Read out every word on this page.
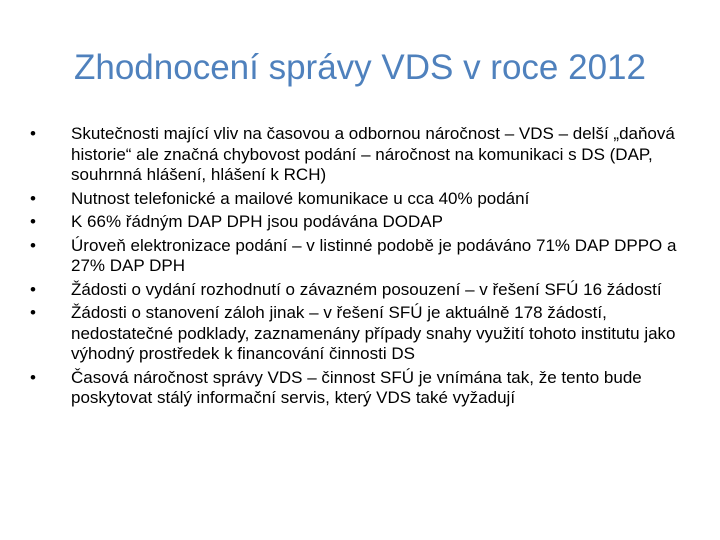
Zhodnocení správy VDS v roce 2012
•	Skutečnosti mající vliv na časovou a odbornou náročnost – VDS – delší „daňová historie“ ale značná chybovost podání – náročnost na komunikaci s DS (DAP, souhrnná hlášení, hlášení k RCH)
•	Nutnost telefonické a mailové komunikace u cca 40% podání
•	K 66% řádným DAP DPH jsou podávána DODAP
•	Úroveň elektronizace podání – v listinné podobě je podáváno 71% DAP DPPO a 27% DAP DPH
•	Žádosti o vydání rozhodnutí o závazném posouzení – v řešení SFÚ 16 žádostí
•	Žádosti o stanovení záloh jinak – v řešení SFÚ je aktuálně 178 žádostí, nedostatečné podklady, zaznamenány případy snahy využití tohoto institutu jako výhodný prostředek k financování činnosti DS
•	Časová náročnost správy VDS – činnost SFÚ je vnímána tak, že tento bude poskytovat stálý informační servis, který VDS také vyžadují
